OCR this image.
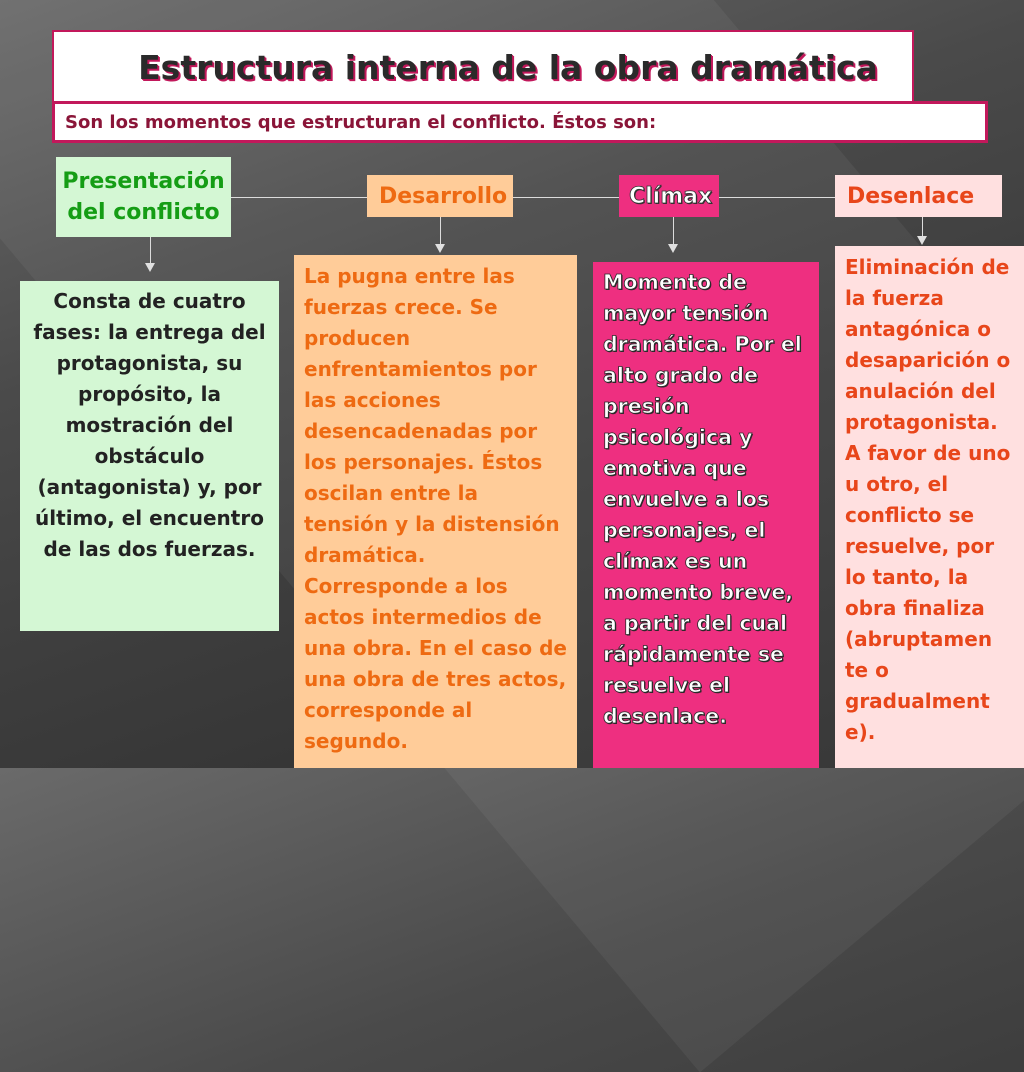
Estructura interna de la obra dramática
Son los momentos que estructuran el conflicto. Éstos son:
Presentación
del conflicto
Desarrollo	Clímax	Desenlace
Consta de cuatro fases: la entrega del protagonista, su
propósito, la mostración del obstáculo (antagonista) y, por último, el encuentro de las dos fuerzas.
La pugna entre las fuerzas crece. Se producen enfrentamientos por las acciones desencadenadas por los personajes. Éstos oscilan entre la tensión y la distensión dramática. Corresponde a los actos intermedios de una obra. En el caso de una obra de tres actos, corresponde al segundo.
Momento de mayor tensión dramática. Por el alto grado de presión psicológica y emotiva que envuelve a los personajes, el clímax es un momento breve, a partir del cual rápidamente se resuelve el desenlace.
Eliminación de la fuerza antagónica o desaparición o anulación del protagonista. A favor de uno u otro, el conflicto se resuelve, por lo tanto, la obra finaliza (abruptamen te o gradualment e).
